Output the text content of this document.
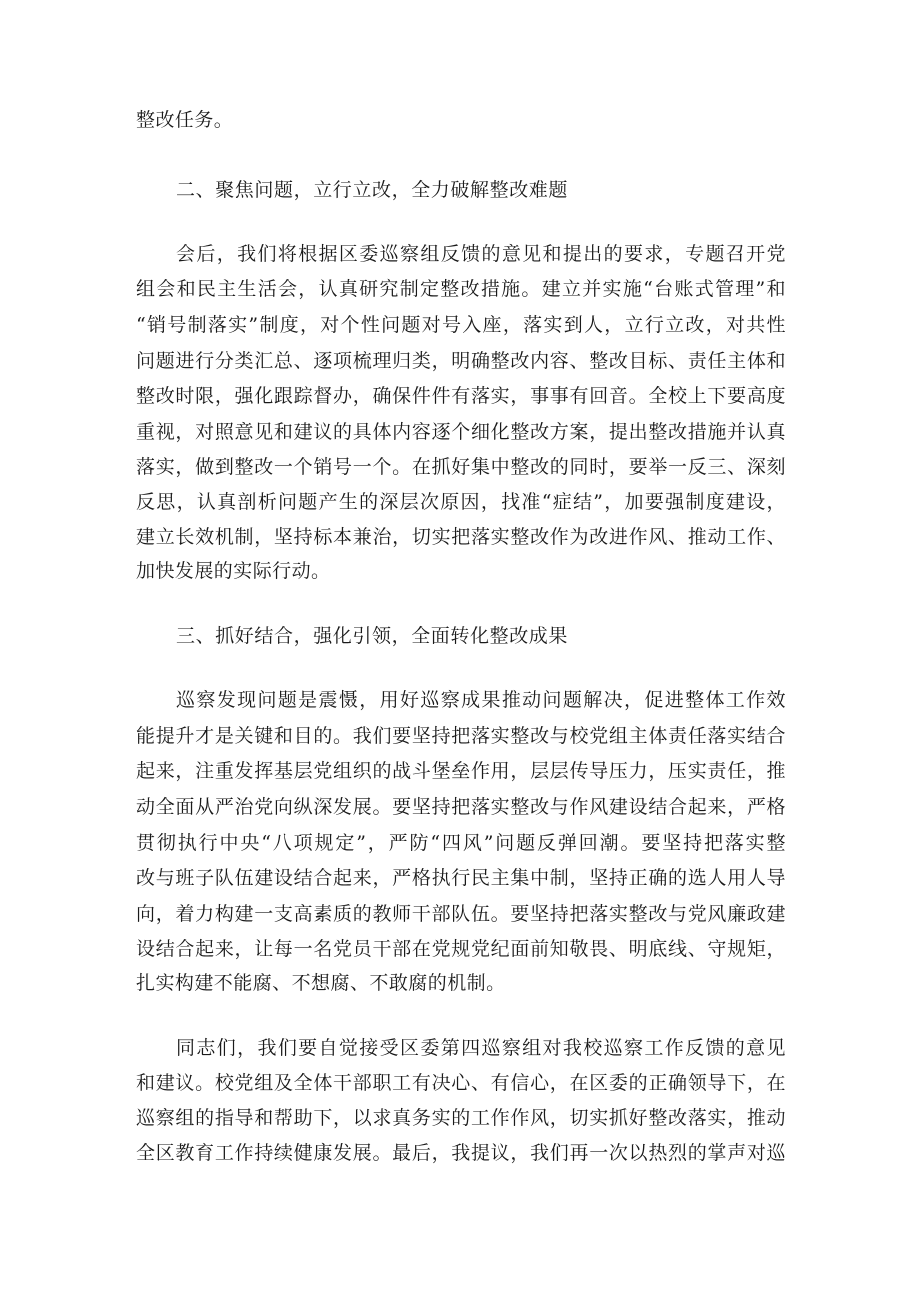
整改任务。
二、聚焦问题，立行立改，全力破解整改难题
会后，我们将根据区委巡察组反馈的意见和提出的要求，专题召开党
组会和民主生活会，认真研究制定整改措施。建立并实施“台账式管理”和
“销号制落实”制度，对个性问题对号入座，落实到人，立行立改，对共性
问题进行分类汇总、逐项梳理归类，明确整改内容、整改目标、责任主体和
整改时限，强化跟踪督办，确保件件有落实，事事有回音。全校上下要高度
重视，对照意见和建议的具体内容逐个细化整改方案，提出整改措施并认真
落实，做到整改一个销号一个。在抓好集中整改的同时，要举一反三、深刻
反思，认真剖析问题产生的深层次原因，找准“症结”，加要强制度建设，
建立长效机制，坚持标本兼治，切实把落实整改作为改进作风、推动工作、
加快发展的实际行动。
三、抓好结合，强化引领，全面转化整改成果
巡察发现问题是震慑，用好巡察成果推动问题解决，促进整体工作效
能提升才是关键和目的。我们要坚持把落实整改与校党组主体责任落实结合
起来，注重发挥基层党组织的战斗堡垒作用，层层传导压力，压实责任，推
动全面从严治党向纵深发展。要坚持把落实整改与作风建设结合起来，严格
贯彻执行中央“八项规定”，严防“四风”问题反弹回潮。要坚持把落实整
改与班子队伍建设结合起来，严格执行民主集中制，坚持正确的选人用人导
向，着力构建一支高素质的教师干部队伍。要坚持把落实整改与党风廉政建
设结合起来，让每一名党员干部在党规党纪面前知敬畏、明底线、守规矩，
扎实构建不能腐、不想腐、不敢腐的机制。
同志们，我们要自觉接受区委第四巡察组对我校巡察工作反馈的意见
和建议。校党组及全体干部职工有决心、有信心，在区委的正确领导下，在
巡察组的指导和帮助下，以求真务实的工作作风，切实抓好整改落实，推动
全区教育工作持续健康发展。最后，我提议，我们再一次以热烈的掌声对巡
